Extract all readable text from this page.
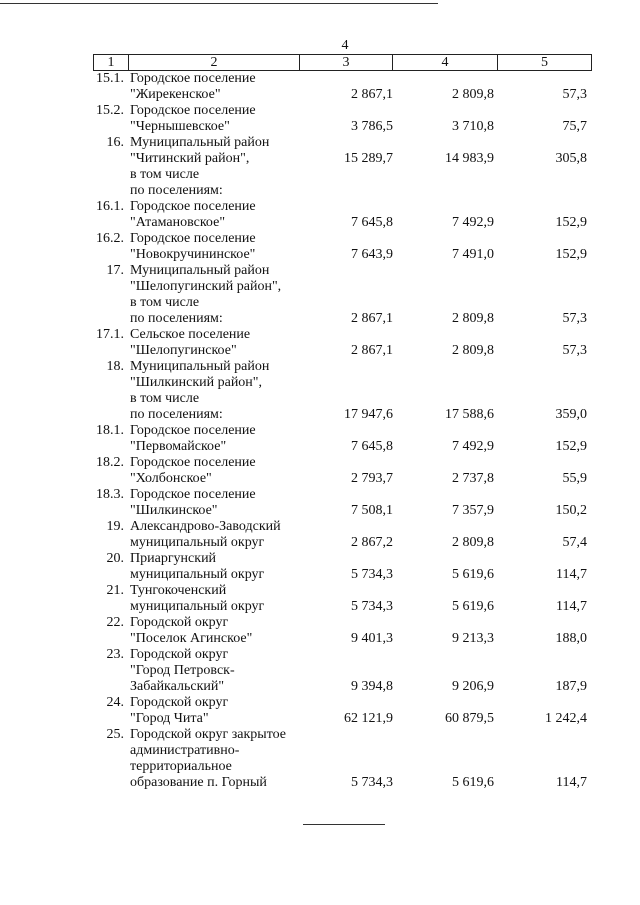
4
1	2	3	4	5
15.1. Городское поселение
"Жирекенское"	2 867,1	2 809,8	57,3
15.2. Городское поселение
"Чернышевское"	3 786,5	3 710,8	75,7
16. Муниципальный район
"Читинский район",
в том числе
по поселениям:
15 289,7	14 983,9	305,8
16.1. Городское поселение
"Атамановское"	7 645,8	7 492,9	152,9
16.2. Городское поселение
"Новокручининское"	7 643,9	7 491,0	152,9
17. Муниципальный район
"Шелопугинский район",
в том числе
по поселениям:	2 867,1	2 809,8	57,3
17.1. Сельское поселение
"Шелопугинское"	2 867,1	2 809,8	57,3
18. Муниципальный район
"Шилкинский район",
в том числе
по поселениям:	17 947,6	17 588,6	359,0
18.1. Городское поселение
"Первомайское"	7 645,8	7 492,9	152,9
18.2. Городское поселение
"Холбонское"	2 793,7	2 737,8	55,9
18.3. Городское поселение
"Шилкинское"	7 508,1	7 357,9	150,2
19. Александрово-Заводский
муниципальный округ	2 867,2	2 809,8	57,4
20. Приаргунский
муниципальный округ	5 734,3	5 619,6	114,7
21. Тунгокоченский
муниципальный округ	5 734,3	5 619,6	114,7
22. Городской округ
"Поселок Агинское"	9 401,3	9 213,3	188,0
23. Городской округ
"Город Петровск-
Забайкальский"	9 394,8	9 206,9	187,9
24. Городской округ
"Город Чита"	62 121,9	60 879,5	1 242,4
25. Городской округ закрытое
административно-
территориальное
образование п. Горный	5 734,3	5 619,6	114,7
